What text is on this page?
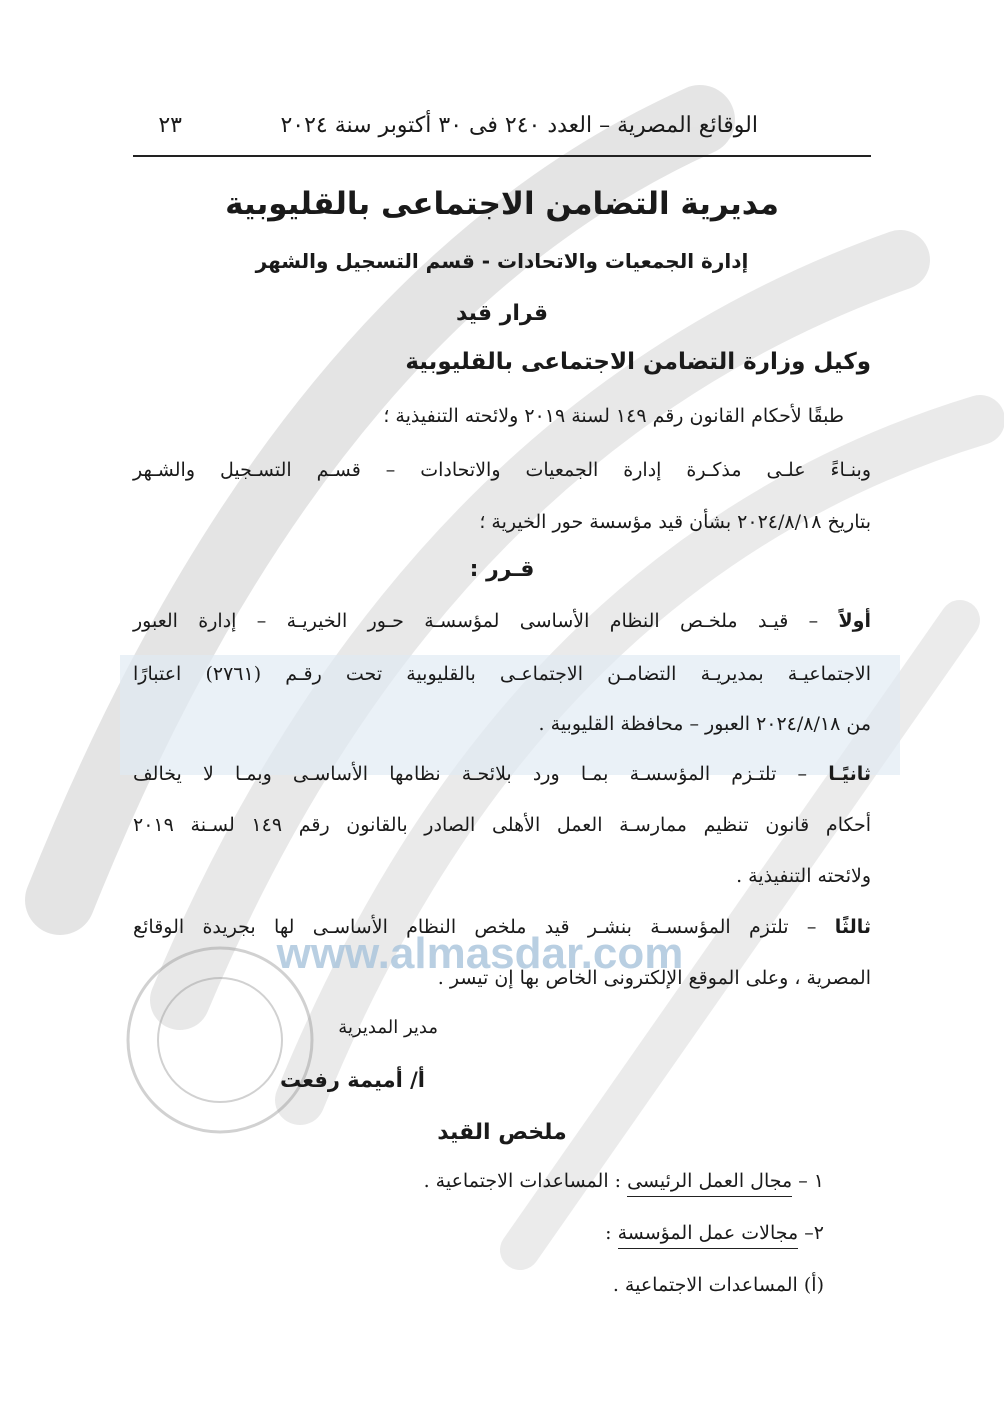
www.almasdar.com
الوقائع المصرية – العدد ٢٤٠ فى ٣٠ أكتوبر سنة ٢٠٢٤
٢٣
مديرية التضامن الاجتماعى بالقليوبية
إدارة الجمعيات والاتحادات - قسم التسجيل والشهر
قرار قيد
وكيل وزارة التضامن الاجتماعى بالقليوبية
طبقًا لأحكام القانون رقم ١٤٩ لسنة ٢٠١٩ ولائحته التنفيذية ؛
وبنـاءً علـى مذكـرة إدارة الجمعيات والاتحادات – قسـم التسـجيل والشـهر
بتاريخ ٢٠٢٤/٨/١٨ بشأن قيد مؤسسة حور الخيرية ؛
قـرر :
أولاً – قيـد ملخـص النظام الأساسى لمؤسسـة حـور الخيريـة – إدارة العبور
الاجتماعيـة بمديريـة التضامـن الاجتماعـى بالقليوبية تحت رقـم (٢٧٦١) اعتبارًا
من ٢٠٢٤/٨/١٨ العبور – محافظة القليوبية .
ثانيًـا – تلتـزم المؤسسـة بمـا ورد بلائحـة نظامها الأساسـى وبمـا لا يخالف
أحكام قانون تنظيم ممارسـة العمل الأهلى الصادر بالقانون رقم ١٤٩ لسـنة ٢٠١٩
ولائحته التنفيذية .
ثالثًا – تلتزم المؤسسـة بنشـر قيد ملخص النظام الأساسـى لها بجريدة الوقائع
المصرية ، وعلى الموقع الإلكترونى الخاص بها إن تيسر .
مدير المديرية
أ/ أميمة رفعت
ملخص القيد
١ – مجال العمل الرئيسى : المساعدات الاجتماعية .
٢– مجالات عمل المؤسسة :
(أ) المساعدات الاجتماعية .
